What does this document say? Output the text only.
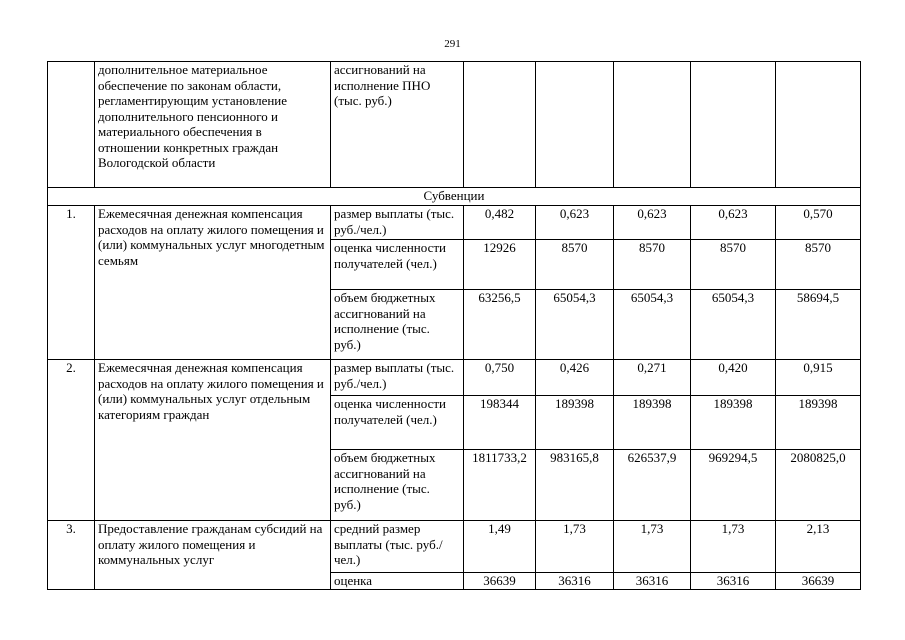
291
	дополнительное материальное обеспечение по законам области, регламентирующим установление дополнительного пенсионного и материального обеспечения в отношении конкретных граждан Вологодской области	ассигнований на исполнение ПНО (тыс. руб.)					
Субвенции							
1.	Ежемесячная денежная компенсация расходов на оплату жилого помещения и (или) коммунальных услуг многодетным семьям	размер выплаты (тыс. руб./чел.)	0,482	0,623	0,623	0,623	0,570
		оценка численности получателей (чел.)	12926	8570	8570	8570	8570
		объем бюджетных ассигнований на исполнение (тыс. руб.)	63256,5	65054,3	65054,3	65054,3	58694,5
2.	Ежемесячная денежная компенсация расходов на оплату жилого помещения и (или) коммунальных услуг отдельным категориям граждан	размер выплаты (тыс. руб./чел.)	0,750	0,426	0,271	0,420	0,915
		оценка численности получателей (чел.)	198344	189398	189398	189398	189398
		объем бюджетных ассигнований на исполнение (тыс. руб.)	1811733,2	983165,8	626537,9	969294,5	2080825,0
3.	Предоставление гражданам субсидий на оплату жилого помещения и коммунальных услуг	средний размер выплаты (тыс. руб./чел.)	1,49	1,73	1,73	1,73	2,13
		оценка	36639	36316	36316	36316	36639
